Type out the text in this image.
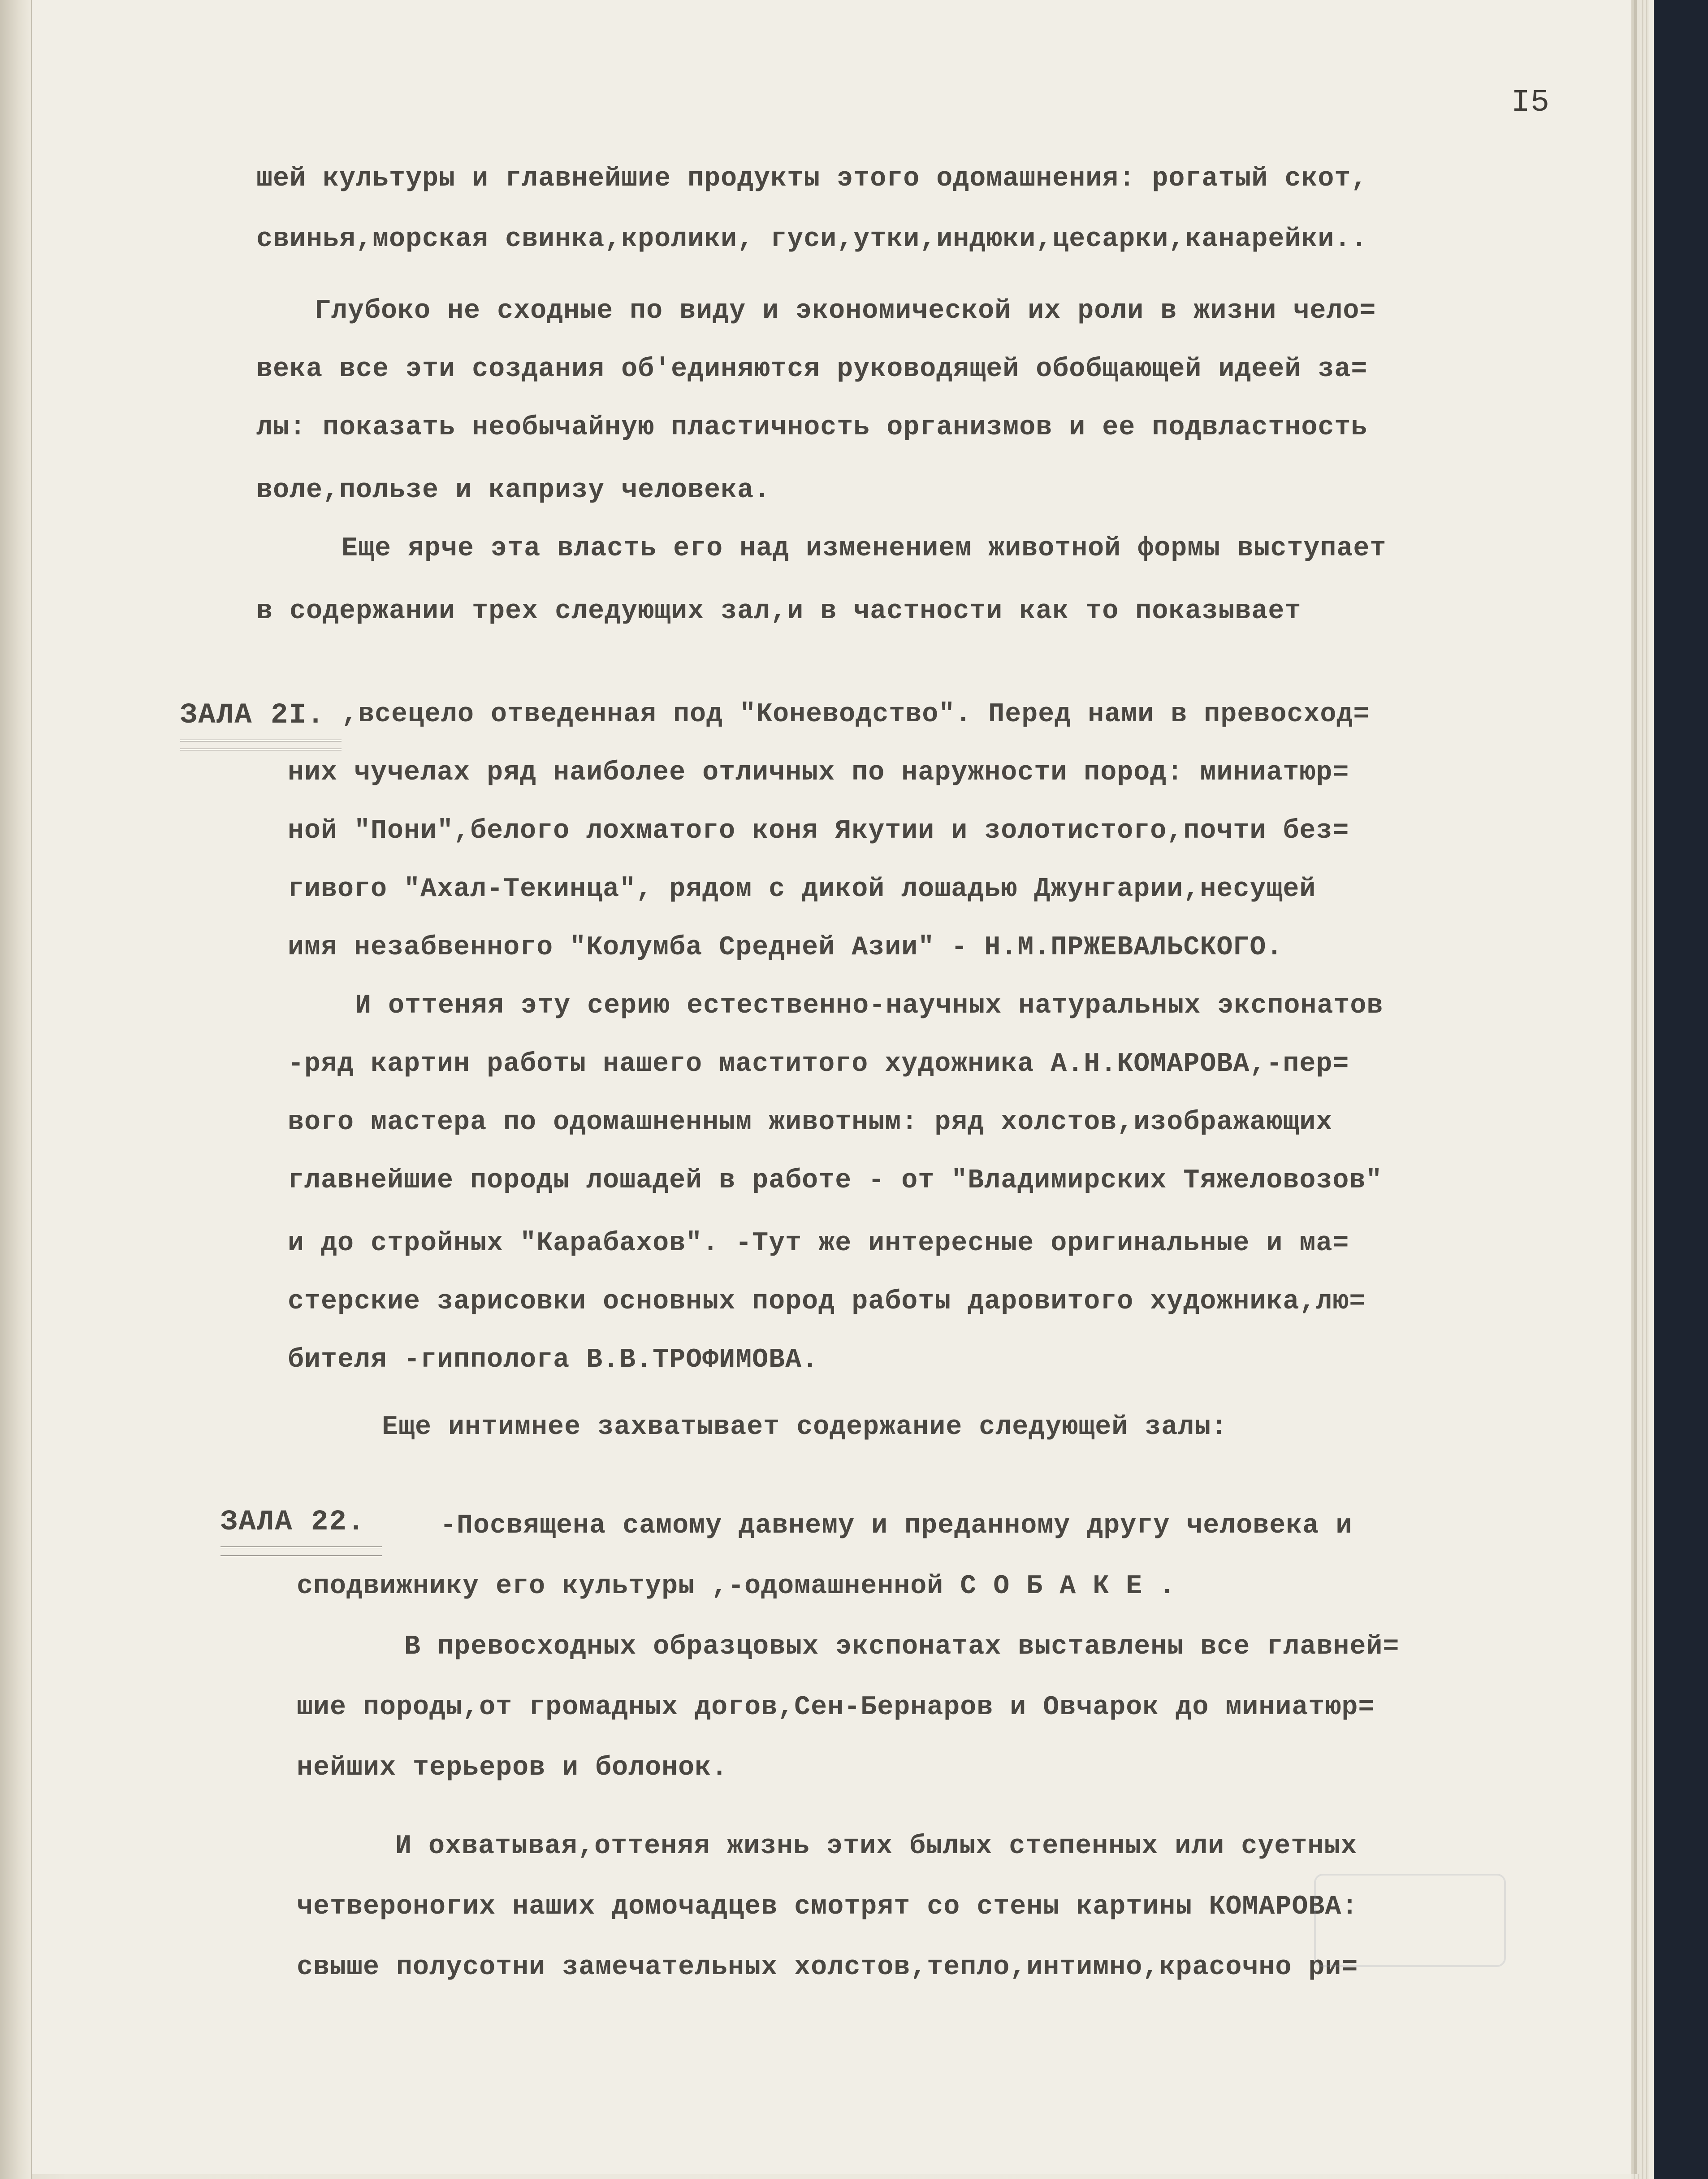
I5
шей культуры и главнейшие продукты этого одомашнения: рогатый скот,
свинья,морская свинка,кролики, гуси,утки,индюки,цесарки,канарейки..
Глубоко не сходные по виду и экономической их роли в жизни чело=
века все эти создания об'единяются руководящей обобщающей идеей за=
лы: показать необычайную пластичность организмов и ее подвластность
воле,пользе и капризу человека.
Еще ярче эта власть его над изменением животной формы выступает
в содержании трех следующих зал,и в частности как то показывает
ЗАЛА 2I. ,всецело отведенная под "Коневодство". Перед нами в превосход=
них чучелах ряд наиболее отличных по наружности пород: миниатюр=
ной "Пони",белого лохматого коня Якутии и золотистого,почти без=
гивого "Ахал-Текинца", рядом с дикой лошадью Джунгарии,несущей
имя незабвенного "Колумба Средней Азии" - Н.М.ПРЖЕВАЛЬСКОГО.
И оттеняя эту серию естественно-научных натуральных экспонатов
-ряд картин работы нашего маститого художника А.Н.КОМАРОВА,-пер=
вого мастера по одомашненным животным: ряд холстов,изображающих
главнейшие породы лошадей в работе - от "Владимирских Тяжеловозов"
и до стройных "Карабахов". -Тут же интересные оригинальные и ма=
стерские зарисовки основных пород работы даровитого художника,лю=
бителя -гиппологa В.В.ТРОФИМОВА.
Еще интимнее захватывает содержание следующей залы:
ЗАЛА 22.	-Посвящена самому давнему и преданному другу человека и
сподвижнику его культуры ,-одомашненной С О Б А К Е .
В превосходных образцовых экспонатах выставлены все главней=
шие породы,от громадных догов,Сен-Бернаров и Овчарок до миниатюр=
нейших терьеров и болонок.
И охватывая,оттеняя жизнь этих былых степенных или суетных
четвероногих наших домочадцев смотрят со стены картины КОМАРОВА:
свыше полусотни замечательных холстов,тепло,интимно,красочно ри=
